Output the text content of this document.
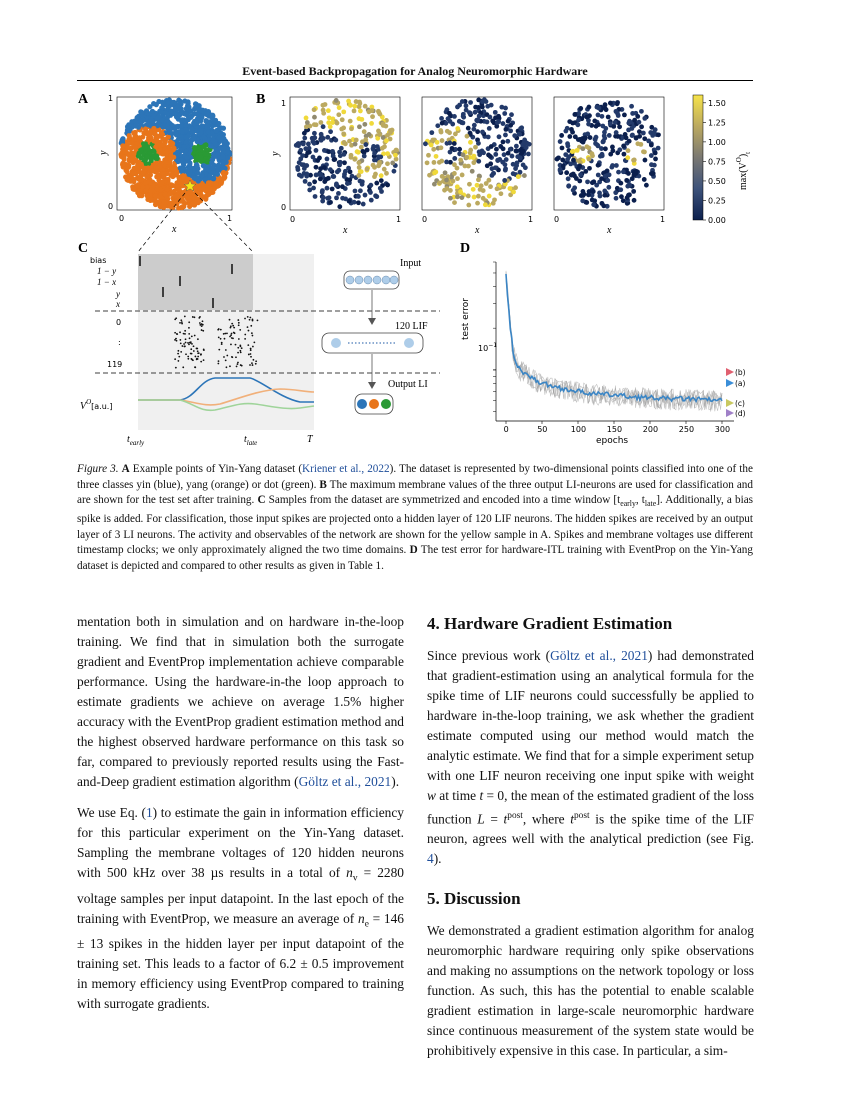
Event-based Backpropagation for Analog Neuromorphic Hardware
A 1
0
0	1
x
y
B 1
0
y
0	1
x
0	1
x
0	1
x
1.50
1.25
1.00
0.75
0.50
0.25
0.00
$\max(V^O)_t$
C
bias
1 − y
1 − x
y
x
0
:
119
$V^O_{[a.u.]}$
$t_{early}$	$t_{late}$	T
Input
120 LIF
Output LI
D
0	50	100	150	200	250	300
epochs
test error
$10^{-1}$
(b)
(a)
(c)
(d)
Figure 3. A Example points of Yin-Yang dataset (Kriener et al., 2022). The dataset is represented by two-dimensional points classified into one of the three classes yin (blue), yang (orange) or dot (green). B The maximum membrane values of the three output LI-neurons are used for classification and are shown for the test set after training. C Samples from the dataset are symmetrized and encoded into a time window [$t_{early}$, $t_{late}$]. Additionally, a bias spike is added. For classification, those input spikes are projected onto a hidden layer of 120 LIF neurons. The hidden spikes are received by an output layer of 3 LI neurons. The activity and observables of the network are shown for the yellow sample in A. Spikes and membrane voltages use different timestamp clocks; we only approximately aligned the two time domains. D The test error for hardware-ITL training with EventProp on the Yin-Yang dataset is depicted and compared to other results as given in Table 1.

mentation both in simulation and on hardware in-the-loop training. We find that in simulation both the surrogate gradient and EventProp implementation achieve comparable performance. Using the hardware-in-the loop approach to estimate gradients we achieve on average 1.5% higher accuracy with the EventProp gradient estimation method and the highest observed hardware performance on this task so far, compared to previously reported results using the Fast-and-Deep gradient estimation algorithm (Göltz et al., 2021).

We use Eq. (1) to estimate the gain in information efficiency for this particular experiment on the Yin-Yang dataset. Sampling the membrane voltages of 120 hidden neurons with 500 kHz over 38 µs results in a total of $n_v = 2280$ voltage samples per input datapoint. In the last epoch of the training with EventProp, we measure an average of $n_e = 146 \pm 13$ spikes in the hidden layer per input datapoint of the training set. This leads to a factor of 6.2 ± 0.5 improvement in memory efficiency using EventProp compared to training with surrogate gradients.

4. Hardware Gradient Estimation

Since previous work (Göltz et al., 2021) had demonstrated that gradient-estimation using an analytical formula for the spike time of LIF neurons could successfully be applied to hardware in-the-loop training, we ask whether the gradient estimate computed using our method would match the analytic estimate. We find that for a simple experiment setup with one LIF neuron receiving one input spike with weight w at time t = 0, the mean of the estimated gradient of the loss function $L = t^{post}$, where $t^{post}$ is the spike time of the LIF neuron, agrees well with the analytical prediction (see Fig. 4).

5. Discussion

We demonstrated a gradient estimation algorithm for analog neuromorphic hardware requiring only spike observations and making no assumptions on the network topology or loss function. As such, this has the potential to enable scalable gradient estimation in large-scale neuromorphic hardware since continuous measurement of the system state would be prohibitively expensive in this case. In particular, a sim-
